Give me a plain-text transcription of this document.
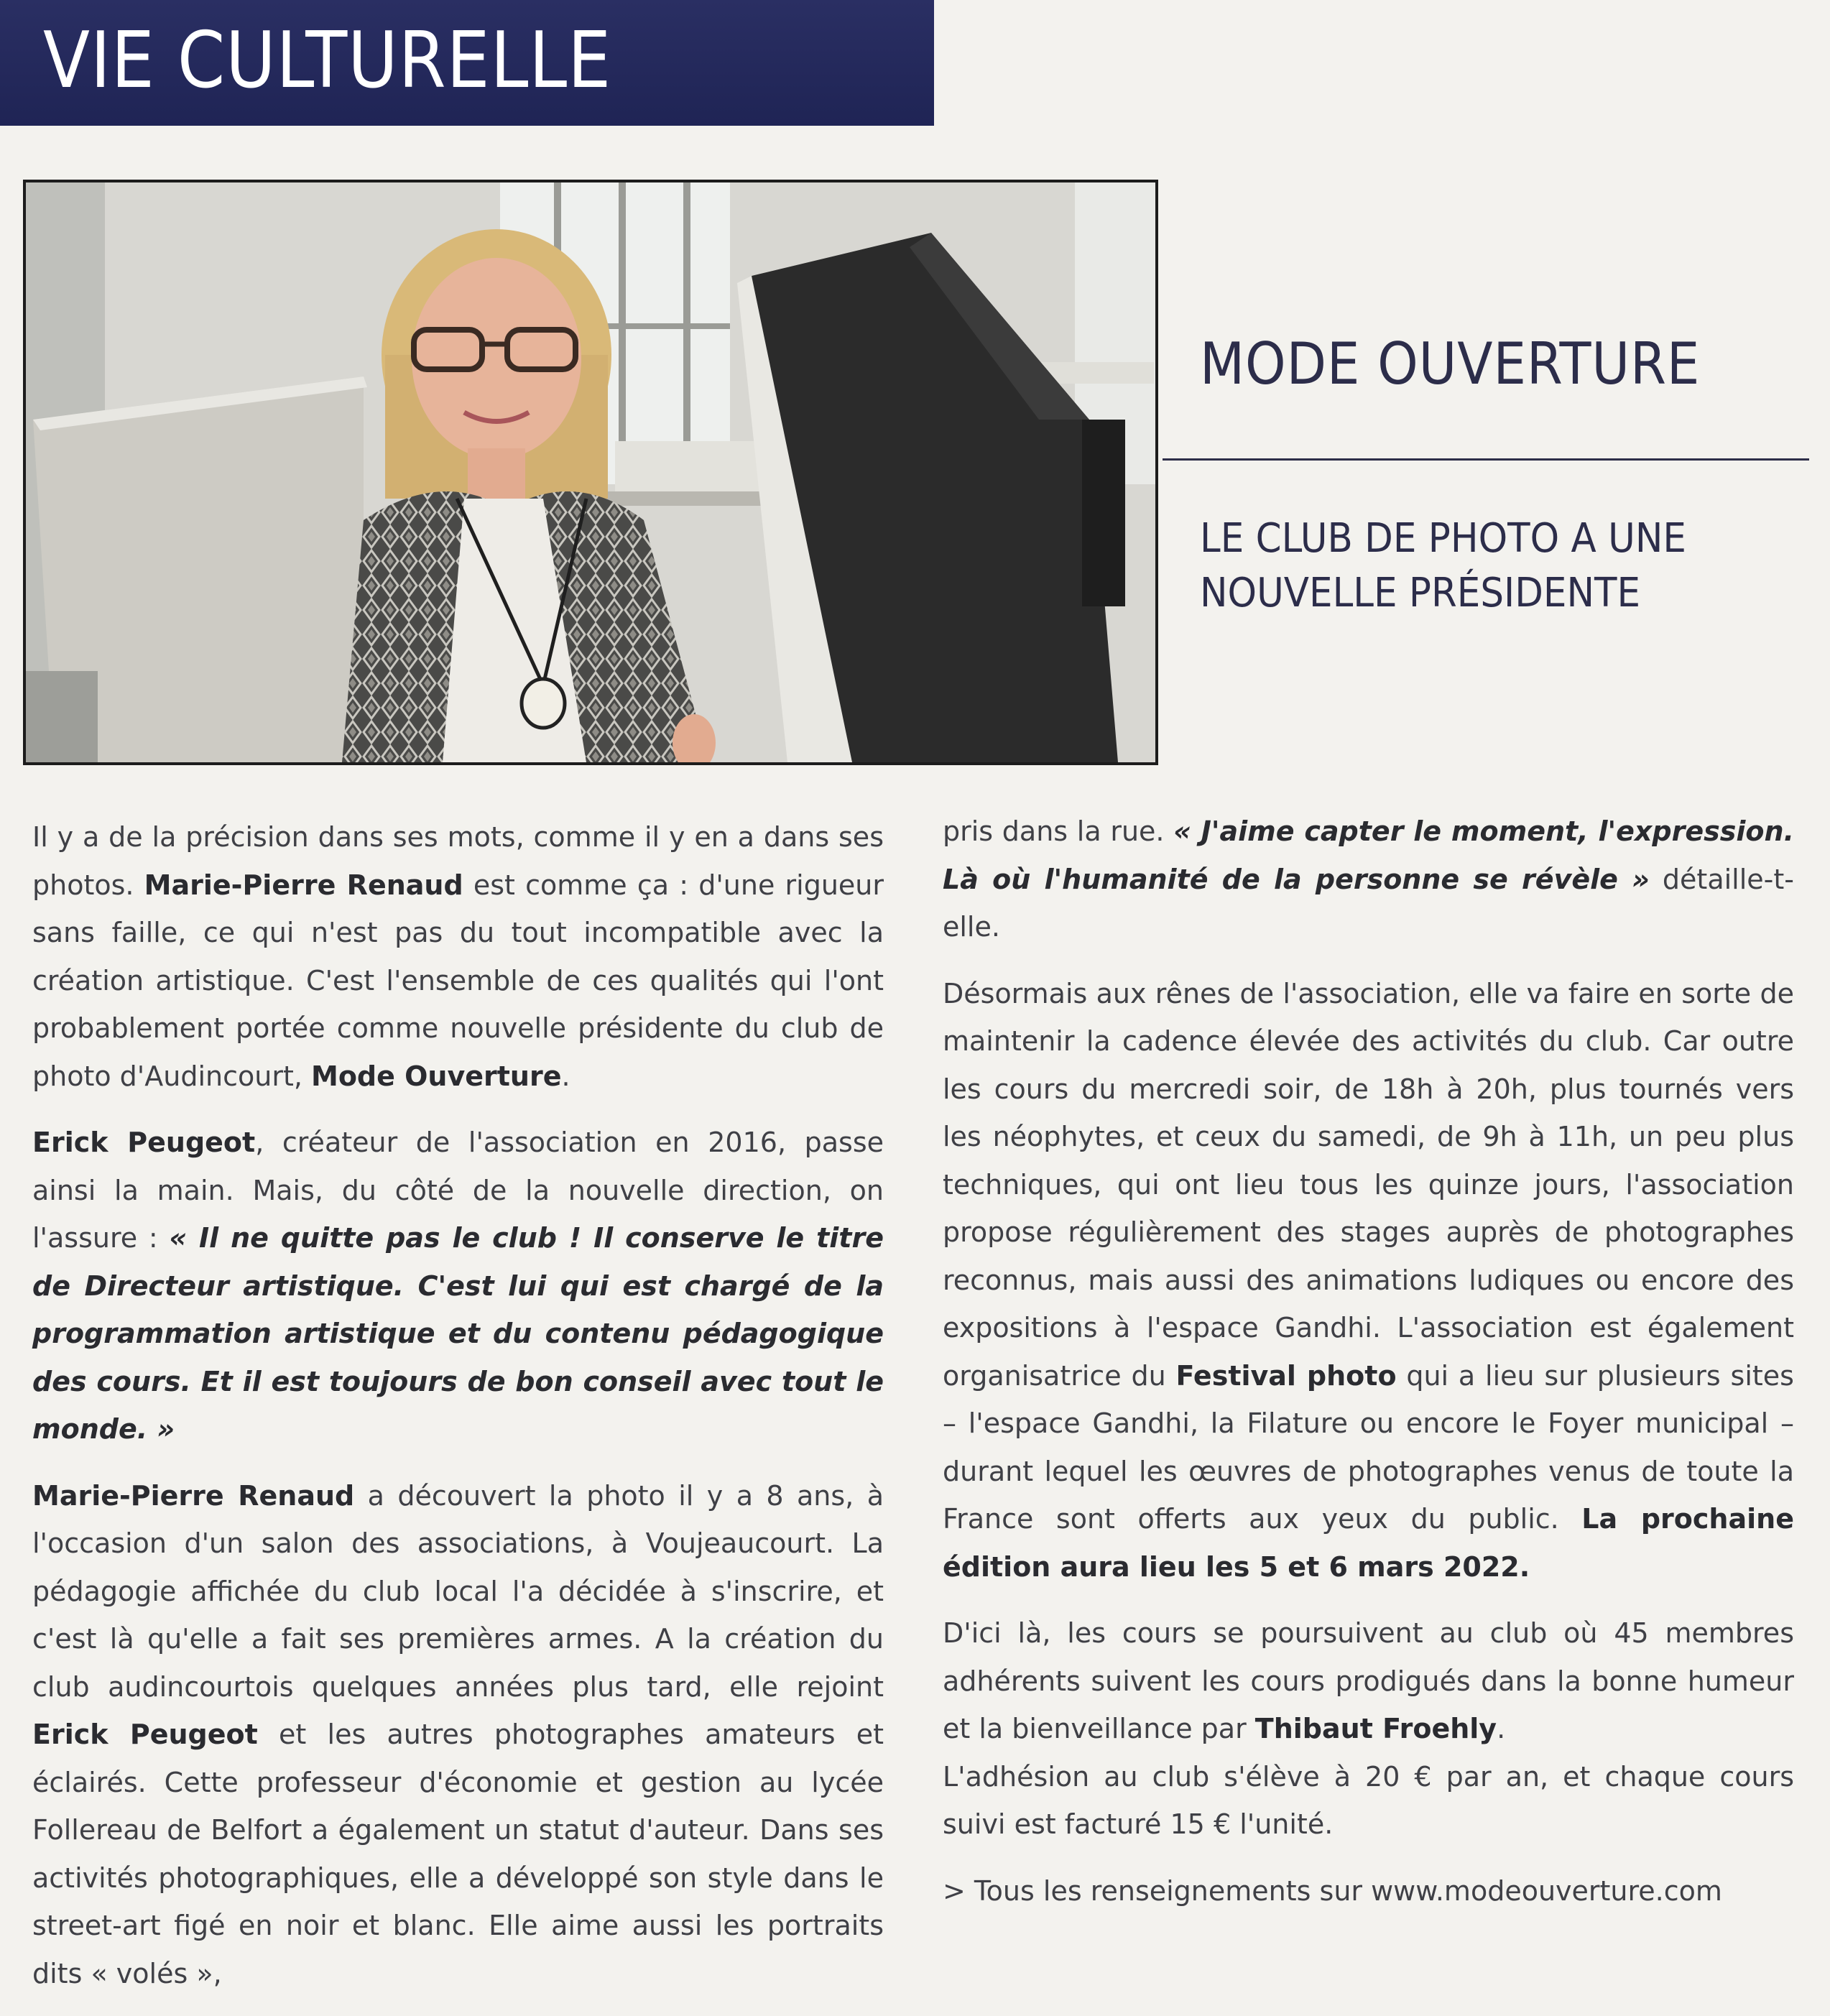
VIE CULTURELLE
MODE OUVERTURE
LE CLUB DE PHOTO A UNE
NOUVELLE PRÉSIDENTE

Il y a de la précision dans ses mots, comme il y en a dans ses photos. Marie-Pierre Renaud est comme ça : d'une rigueur sans faille, ce qui n'est pas du tout incompatible avec la création artistique. C'est l'ensemble de ces qualités qui l'ont probablement portée comme nouvelle présidente du club de photo d'Audincourt, Mode Ouverture.

Erick Peugeot, créateur de l'association en 2016, passe ainsi la main. Mais, du côté de la nouvelle direction, on l'assure : « Il ne quitte pas le club ! Il conserve le titre de Directeur artistique. C'est lui qui est chargé de la programmation artistique et du contenu pédagogique des cours. Et il est toujours de bon conseil avec tout le monde. »

Marie-Pierre Renaud a découvert la photo il y a 8 ans, à l'occasion d'un salon des associations, à Voujeaucourt. La pédagogie affichée du club local l'a décidée à s'inscrire, et c'est là qu'elle a fait ses premières armes. A la création du club audincourtois quelques années plus tard, elle rejoint Erick Peugeot et les autres photographes amateurs et éclairés. Cette professeur d'économie et gestion au lycée Follereau de Belfort a également un statut d'auteur. Dans ses activités photographiques, elle a développé son style dans le street-art figé en noir et blanc. Elle aime aussi les portraits dits « volés »,

pris dans la rue. « J'aime capter le moment, l'expression. Là où l'humanité de la personne se révèle » détaille-t-elle.

Désormais aux rênes de l'association, elle va faire en sorte de maintenir la cadence élevée des activités du club. Car outre les cours du mercredi soir, de 18h à 20h, plus tournés vers les néophytes, et ceux du samedi, de 9h à 11h, un peu plus techniques, qui ont lieu tous les quinze jours, l'association propose régulièrement des stages auprès de photographes reconnus, mais aussi des animations ludiques ou encore des expositions à l'espace Gandhi. L'association est également organisatrice du Festival photo qui a lieu sur plusieurs sites – l'espace Gandhi, la Filature ou encore le Foyer municipal – durant lequel les œuvres de photographes venus de toute la France sont offerts aux yeux du public. La prochaine édition aura lieu les 5 et 6 mars 2022.

D'ici là, les cours se poursuivent au club où 45 membres adhérents suivent les cours prodigués dans la bonne humeur et la bienveillance par Thibaut Froehly.

L'adhésion au club s'élève à 20 € par an, et chaque cours suivi est facturé 15 € l'unité.

> Tous les renseignements sur www.modeouverture.com
